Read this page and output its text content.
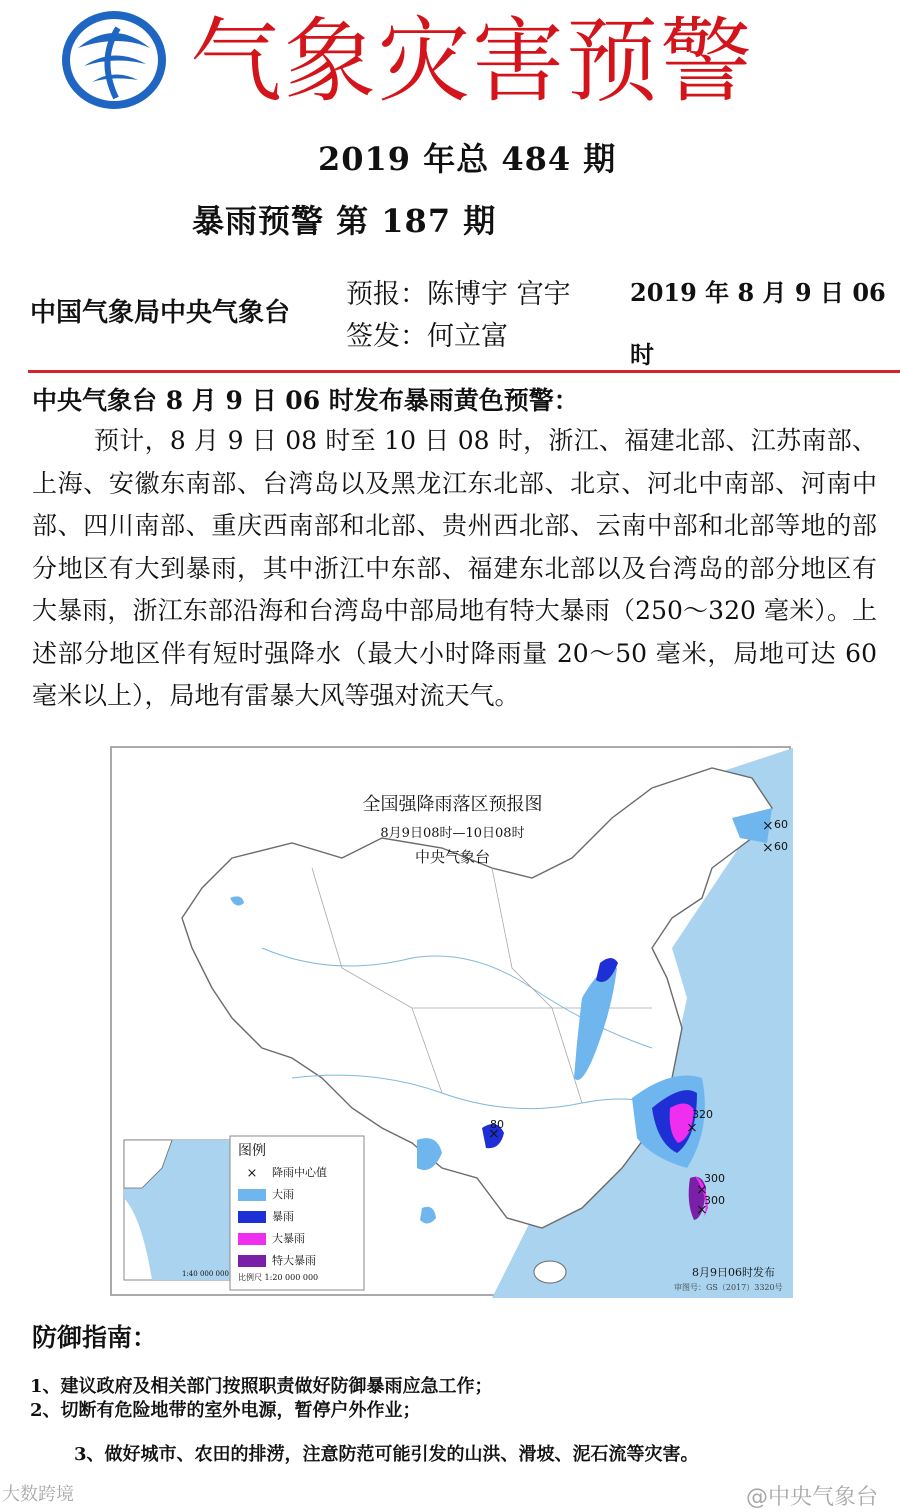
气象灾害预警
2019 年总 484 期
暴雨预警 第 187 期
中国气象局中央气象台
预报：陈博宇 宫宇
签发：何立富
2019 年 8 月 9 日 06 时
中央气象台 8 月 9 日 06 时发布暴雨黄色预警：
预计，8 月 9 日 08 时至 10 日 08 时，浙江、福建北部、江苏南部、上海、安徽东南部、台湾岛以及黑龙江东北部、北京、河北中南部、河南中部、四川南部、重庆西南部和北部、贵州西北部、云南中部和北部等地的部分地区有大到暴雨，其中浙江中东部、福建东北部以及台湾岛的部分地区有大暴雨，浙江东部沿海和台湾岛中部局地有特大暴雨（250～320 毫米）。上述部分地区伴有短时强降水（最大小时降雨量 20～50 毫米，局地可达 60 毫米以上），局地有雷暴大风等强对流天气。
×
×
×
×
×
×
全国强降雨落区预报图
8月9日08时—10日08时
中央气象台
60
60
320
300
300
80
图例
× 降雨中心值
大雨
暴雨
大暴雨
特大暴雨
比例尺 1:20 000 000
1:40 000 000	8月9日06时发布
审图号：GS（2017）3320号
防御指南：
1、建议政府及相关部门按照职责做好防御暴雨应急工作；
2、切断有危险地带的室外电源，暂停户外作业；
3、做好城市、农田的排涝，注意防范可能引发的山洪、滑坡、泥石流等灾害。
大数跨境	@中央气象台
